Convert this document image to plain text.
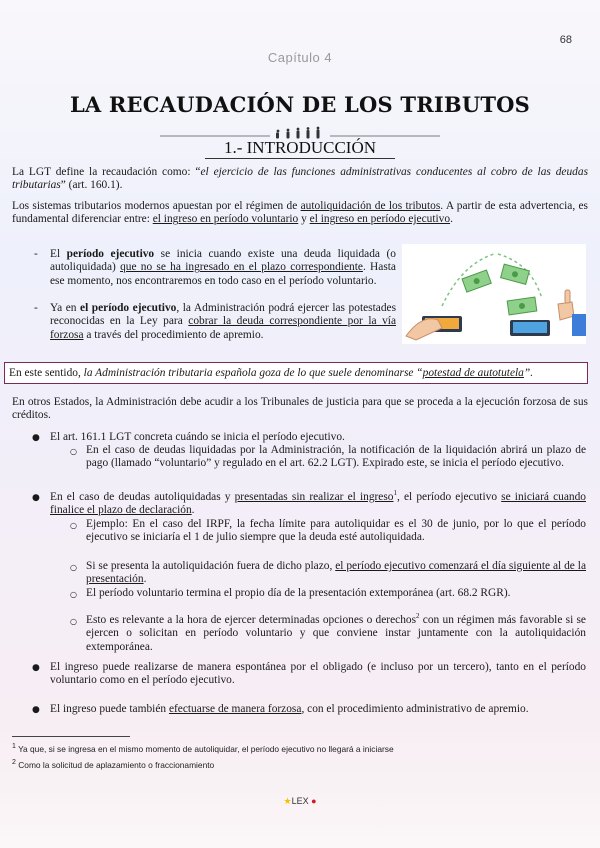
68
Capítulo 4
LA RECAUDACIÓN DE LOS TRIBUTOS
1.- INTRODUCCIÓN

La LGT define la recaudación como: “el ejercicio de las funciones administrativas conducentes al cobro de las deudas tributarias” (art. 160.1).

Los sistemas tributarios modernos apuestan por el régimen de autoliquidación de los tributos. A partir de esta advertencia, es fundamental diferenciar entre: el ingreso en período voluntario y el ingreso en período ejecutivo.

- El período ejecutivo se inicia cuando existe una deuda liquidada (o autoliquidada) que no se ha ingresado en el plazo correspondiente. Hasta ese momento, nos encontraremos en todo caso en el período voluntario.
- Ya en el período ejecutivo, la Administración podrá ejercer las potestades reconocidas en la Ley para cobrar la deuda correspondiente por la vía forzosa a través del procedimiento de apremio.
En este sentido, la Administración tributaria española goza de lo que suele denominarse “potestad de autotutela”.

En otros Estados, la Administración debe acudir a los Tribunales de justicia para que se proceda a la ejecución forzosa de sus créditos.

● El art. 161.1 LGT concreta cuándo se inicia el período ejecutivo.
○ En el caso de deudas liquidadas por la Administración, la notificación de la liquidación abrirá un plazo de pago (llamado “voluntario” y regulado en el art. 62.2 LGT). Expirado este, se inicia el período ejecutivo.
● En el caso de deudas autoliquidadas y presentadas sin realizar el ingreso$^1$, el período ejecutivo se iniciará cuando finalice el plazo de declaración.
○ Ejemplo: En el caso del IRPF, la fecha límite para autoliquidar es el 30 de junio, por lo que el período ejecutivo se iniciaría el 1 de julio siempre que la deuda esté autoliquidada.
○ Si se presenta la autoliquidación fuera de dicho plazo, el período ejecutivo comenzará el día siguiente al de la presentación.
○ El período voluntario termina el propio día de la presentación extemporánea (art. 68.2 RGR).
○ Esto es relevante a la hora de ejercer determinadas opciones o derechos$^2$ con un régimen más favorable si se ejercen o solicitan en período voluntario y que conviene instar juntamente con la autoliquidación extemporánea.
● El ingreso puede realizarse de manera espontánea por el obligado (e incluso por un tercero), tanto en el período voluntario como en el período ejecutivo.
● El ingreso puede también efectuarse de manera forzosa, con el procedimiento administrativo de apremio.
$^1$ Ya que, si se ingresa en el mismo momento de autoliquidar, el período ejecutivo no llegará a iniciarse
$^2$ Como la solicitud de aplazamiento o fraccionamiento
★LEX ●
